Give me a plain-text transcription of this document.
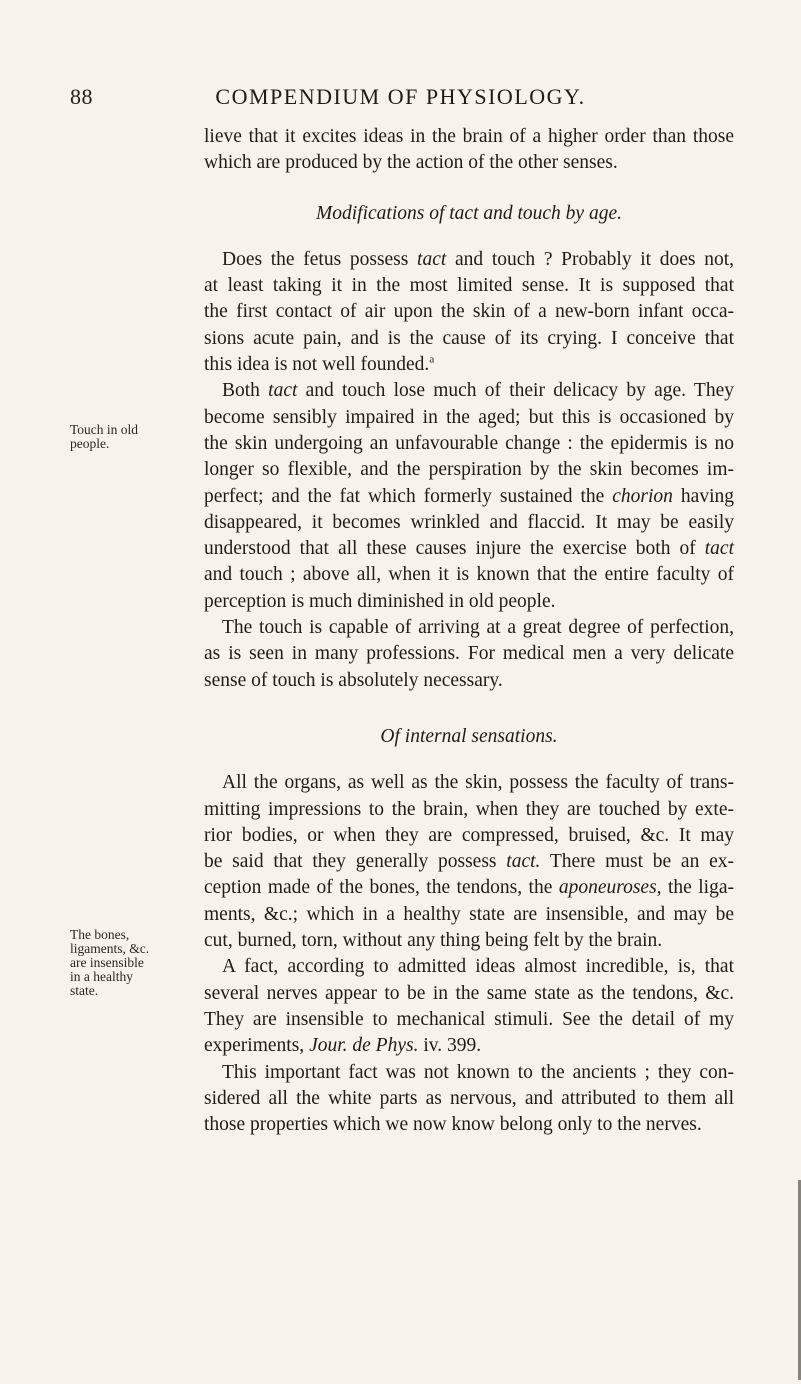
88	COMPENDIUM OF PHYSIOLOGY.
Touch in old
people.
The bones,
ligaments, &c.
are insensible
in a healthy
state.
lieve that it excites ideas in the brain of a higher order than those
which are produced by the action of the other senses.
Modifications of tact and touch by age.
Does the fetus possess tact and touch ? Probably it does not,
at least taking it in the most limited sense. It is supposed that
the first contact of air upon the skin of a new-born infant occa-
sions acute pain, and is the cause of its crying. I conceive that
this idea is not well founded.$^a$
Both tact and touch lose much of their delicacy by age. They
become sensibly impaired in the aged; but this is occasioned by
the skin undergoing an unfavourable change : the epidermis is no
longer so flexible, and the perspiration by the skin becomes im-
perfect; and the fat which formerly sustained the chorion having
disappeared, it becomes wrinkled and flaccid. It may be easily
understood that all these causes injure the exercise both of tact
and touch ; above all, when it is known that the entire faculty of
perception is much diminished in old people.
The touch is capable of arriving at a great degree of perfection,
as is seen in many professions. For medical men a very delicate
sense of touch is absolutely necessary.
Of internal sensations.
All the organs, as well as the skin, possess the faculty of trans-
mitting impressions to the brain, when they are touched by exte-
rior bodies, or when they are compressed, bruised, &c. It may
be said that they generally possess tact. There must be an ex-
ception made of the bones, the tendons, the aponeuroses, the liga-
ments, &c.; which in a healthy state are insensible, and may be
cut, burned, torn, without any thing being felt by the brain.
A fact, according to admitted ideas almost incredible, is, that
several nerves appear to be in the same state as the tendons, &c.
They are insensible to mechanical stimuli. See the detail of my
experiments, Jour. de Phys. iv. 399.
This important fact was not known to the ancients ; they con-
sidered all the white parts as nervous, and attributed to them all
those properties which we now know belong only to the nerves.
